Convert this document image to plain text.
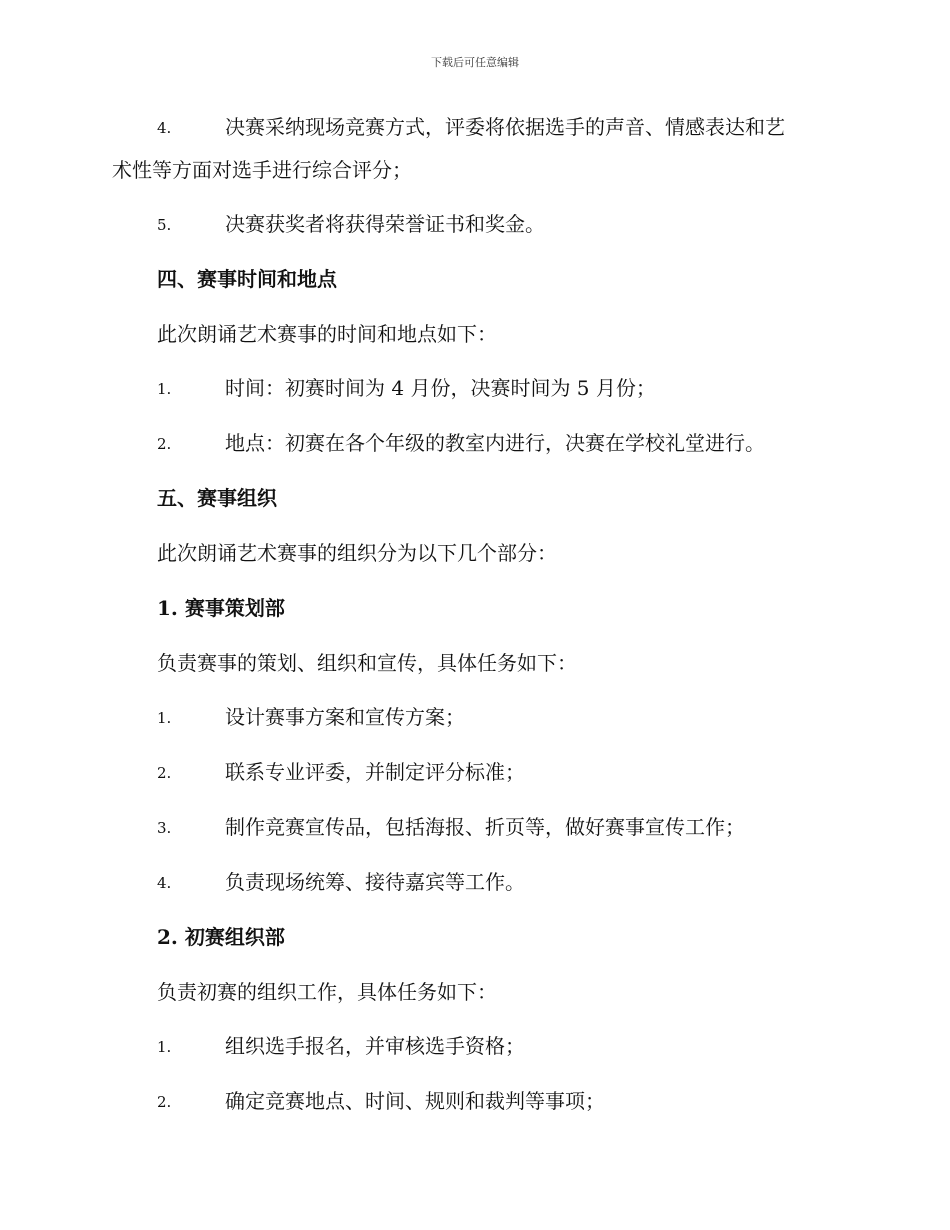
下载后可任意编辑
4.	决赛采纳现场竞赛方式，评委将依据选手的声音、情感表达和艺
术性等方面对选手进行综合评分；
5.	决赛获奖者将获得荣誉证书和奖金。
四、赛事时间和地点
此次朗诵艺术赛事的时间和地点如下：
1.	时间：初赛时间为 4 月份，决赛时间为 5 月份；
2.	地点：初赛在各个年级的教室内进行，决赛在学校礼堂进行。
五、赛事组织
此次朗诵艺术赛事的组织分为以下几个部分：
1. 赛事策划部
负责赛事的策划、组织和宣传，具体任务如下：
1.	设计赛事方案和宣传方案；
2.	联系专业评委，并制定评分标准；
3.	制作竞赛宣传品，包括海报、折页等，做好赛事宣传工作；
4.	负责现场统筹、接待嘉宾等工作。
2. 初赛组织部
负责初赛的组织工作，具体任务如下：
1.	组织选手报名，并审核选手资格；
2.	确定竞赛地点、时间、规则和裁判等事项；
